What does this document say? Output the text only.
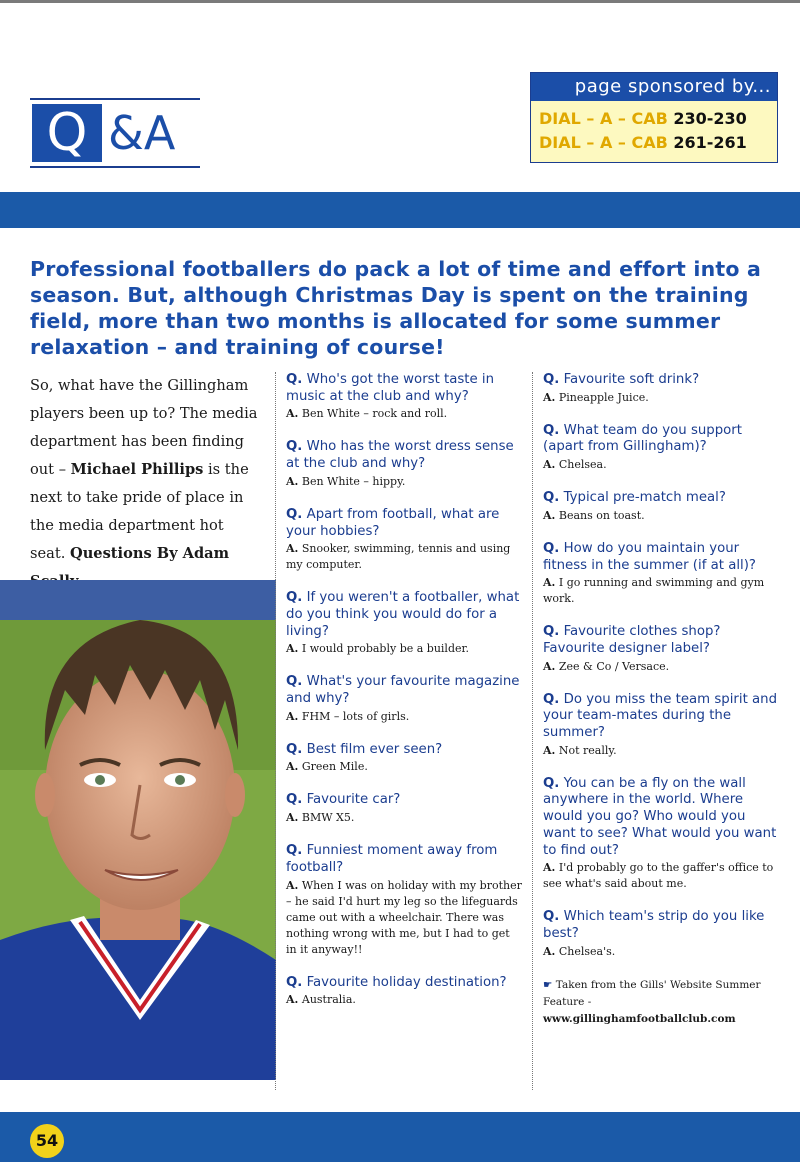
Q &A
page sponsored by...
DIAL – A – CAB 230-230
DIAL – A – CAB 261-261
Professional footballers do pack a lot of time and effort into a season. But, although Christmas Day is spent on the training field, more than two months is allocated for some summer relaxation – and training of course!
So, what have the Gillingham players been up to? The media department has been finding out – Michael Phillips is the next to take pride of place in the media department hot seat. Questions By Adam
Q. Who's got the worst taste in music at the club and why?
A. Ben White – rock and roll.
Q. Who has the worst dress sense at the club and why?
A. Ben White – hippy.
Q. Apart from football, what are your hobbies?
A. Snooker, swimming, tennis and using my computer.
Q. If you weren't a footballer, what do you think you would do for a living?
A. I would probably be a builder.
Q. What's your favourite magazine and why?
A. FHM – lots of girls.
Q. Best film ever seen?
A. Green Mile.
Q. Favourite car?
A. BMW X5.
Q. Funniest moment away from football?
A. When I was on holiday with my brother – he said I'd hurt my leg so the lifeguards came out with a wheelchair. There was nothing wrong with me, but I had to get in it anyway!!
Q. Favourite holiday destination?
A. Australia.
Q. Favourite soft drink?
A. Pineapple Juice.
Q. What team do you support (apart from Gillingham)?
A. Chelsea.
Q. Typical pre-match meal?
A. Beans on toast.
Q. How do you maintain your fitness in the summer (if at all)?
A. I go running and swimming and gym work.
Q. Favourite clothes shop? Favourite designer label?
A. Zee & Co / Versace.
Q. Do you miss the team spirit and your team-mates during the summer?
A. Not really.
Q. You can be a fly on the wall anywhere in the world. Where would you go? Who would you want to see? What would you want to find out?
A. I'd probably go to the gaffer's office to see what's said about me.
Q. Which team's strip do you like best?
A. Chelsea's.
☛ Taken from the Gills' Website Summer Feature - www.gillinghamfootballclub.com
54
